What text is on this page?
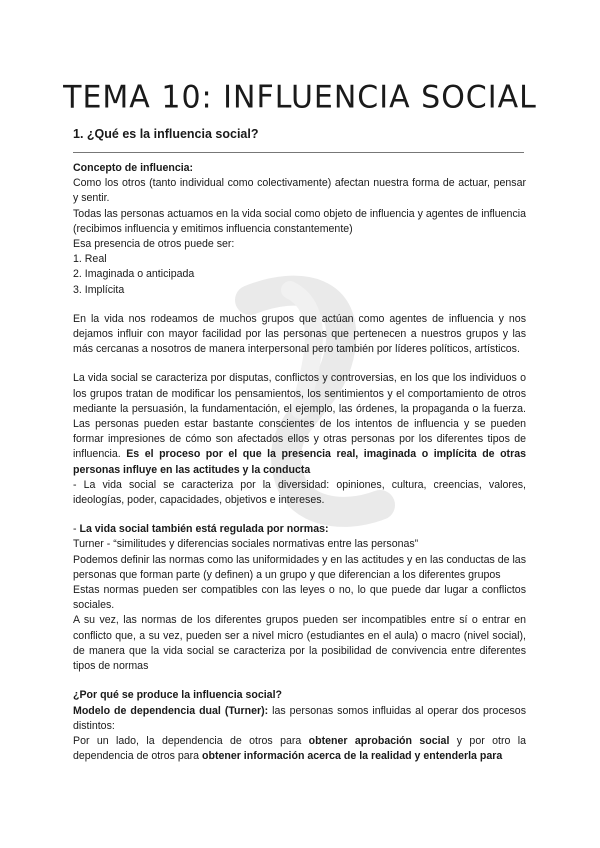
TEMA 10: INFLUENCIA SOCIAL
1. ¿Qué es la influencia social?

Concepto de influencia:

Como los otros (tanto individual como colectivamente) afectan nuestra forma de actuar, pensar y sentir.

Todas las personas actuamos en la vida social como objeto de influencia y agentes de influencia (recibimos influencia y emitimos influencia constantemente)

Esa presencia de otros puede ser:

1. Real

2. Imaginada o anticipada

3. Implícita

En la vida nos rodeamos de muchos grupos que actúan como agentes de influencia y nos dejamos influir con mayor facilidad por las personas que pertenecen a nuestros grupos y las más cercanas a nosotros de manera interpersonal pero también por líderes políticos, artísticos.

La vida social se caracteriza por disputas, conflictos y controversias, en los que los individuos o los grupos tratan de modificar los pensamientos, los sentimientos y el comportamiento de otros mediante la persuasión, la fundamentación, el ejemplo, las órdenes, la propaganda o la fuerza. Las personas pueden estar bastante conscientes de los intentos de influencia y se pueden formar impresiones de cómo son afectados ellos y otras personas por los diferentes tipos de influencia. Es el proceso por el que la presencia real, imaginada o implícita de otras personas influye en las actitudes y la conducta

- La vida social se caracteriza por la diversidad: opiniones, cultura, creencias, valores, ideologías, poder, capacidades, objetivos e intereses.

- La vida social también está regulada por normas:

Turner - “similitudes y diferencias sociales normativas entre las personas”

Podemos definir las normas como las uniformidades y en las actitudes y en las conductas de las personas que forman parte (y definen) a un grupo y que diferencian a los diferentes grupos

Estas normas pueden ser compatibles con las leyes o no, lo que puede dar lugar a conflictos sociales.

A su vez, las normas de los diferentes grupos pueden ser incompatibles entre sí o entrar en conflicto que, a su vez, pueden ser a nivel micro (estudiantes en el aula) o macro (nivel social), de manera que la vida social se caracteriza por la posibilidad de convivencia entre diferentes tipos de normas

¿Por qué se produce la influencia social?

Modelo de dependencia dual (Turner): las personas somos influidas al operar dos procesos distintos:

Por un lado, la dependencia de otros para obtener aprobación social y por otro la dependencia de otros para obtener información acerca de la realidad y entenderla para
